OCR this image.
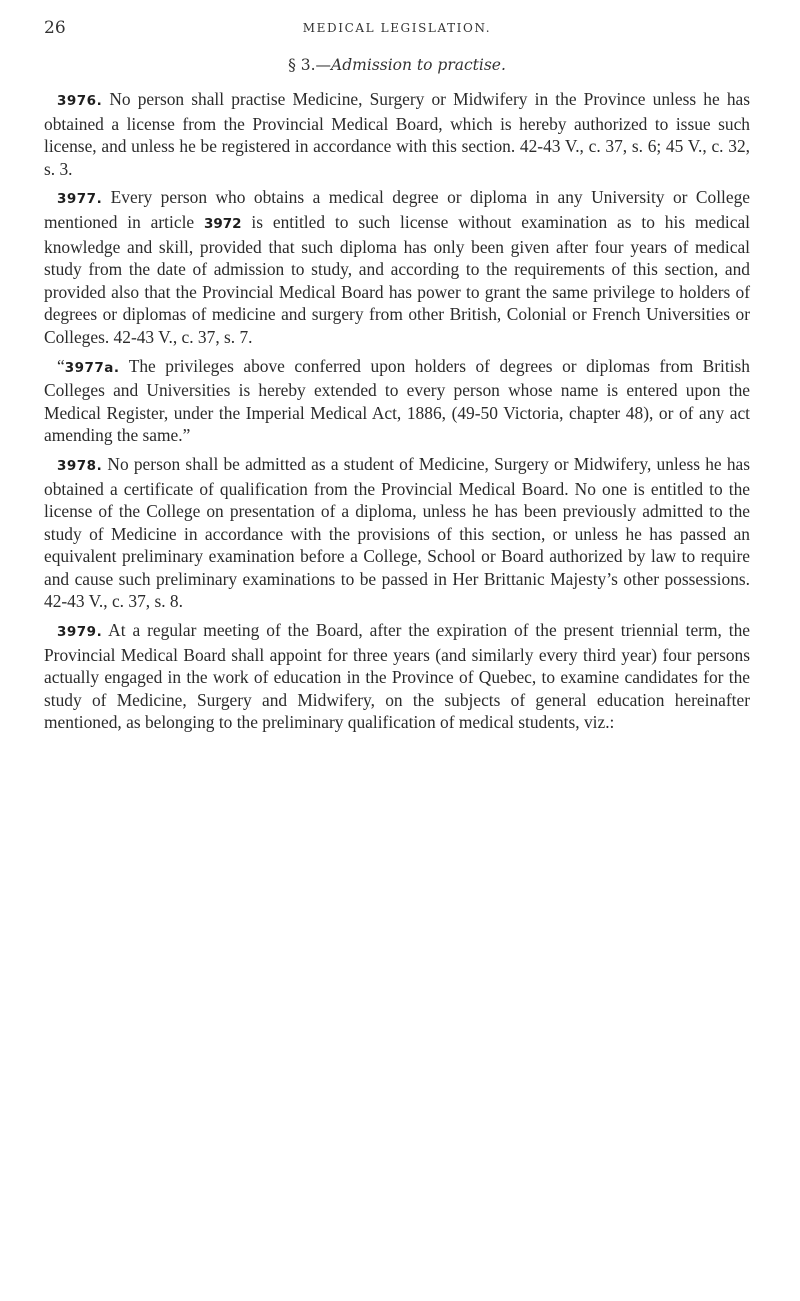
26	MEDICAL LEGISLATION.
§ 3.—Admission to practise.

3976. No person shall practise Medicine, Surgery or Midwifery in the Province unless he has obtained a license from the Provincial Medical Board, which is hereby authorized to issue such license, and unless he be registered in accordance with this section. 42-43 V., c. 37, s. 6; 45 V., c. 32, s. 3.

3977. Every person who obtains a medical degree or diploma in any University or College mentioned in article 3972 is entitled to such license without examination as to his medical knowledge and skill, provided that such diploma has only been given after four years of medical study from the date of admission to study, and according to the requirements of this section, and provided also that the Provincial Medical Board has power to grant the same privilege to holders of degrees or diplomas of medicine and surgery from other British, Colonial or French Universities or Colleges. 42-43 V., c. 37, s. 7.

“3977a. The privileges above conferred upon holders of degrees or diplomas from British Colleges and Universities is hereby extended to every person whose name is entered upon the Medical Register, under the Imperial Medical Act, 1886, (49-50 Victoria, chapter 48), or of any act amending the same.”

3978. No person shall be admitted as a student of Medicine, Surgery or Midwifery, unless he has obtained a certificate of qualification from the Provincial Medical Board. No one is entitled to the license of the College on presentation of a diploma, unless he has been previously admitted to the study of Medicine in accordance with the provisions of this section, or unless he has passed an equivalent preliminary examination before a College, School or Board authorized by law to require and cause such preliminary examinations to be passed in Her Brittanic Majesty’s other possessions. 42-43 V., c. 37, s. 8.

3979. At a regular meeting of the Board, after the expiration of the present triennial term, the Provincial Medical Board shall appoint for three years (and similarly every third year) four persons actually engaged in the work of education in the Province of Quebec, to examine candidates for the study of Medicine, Surgery and Midwifery, on the subjects of general education hereinafter mentioned, as belonging to the preliminary qualification of medical students, viz.:
